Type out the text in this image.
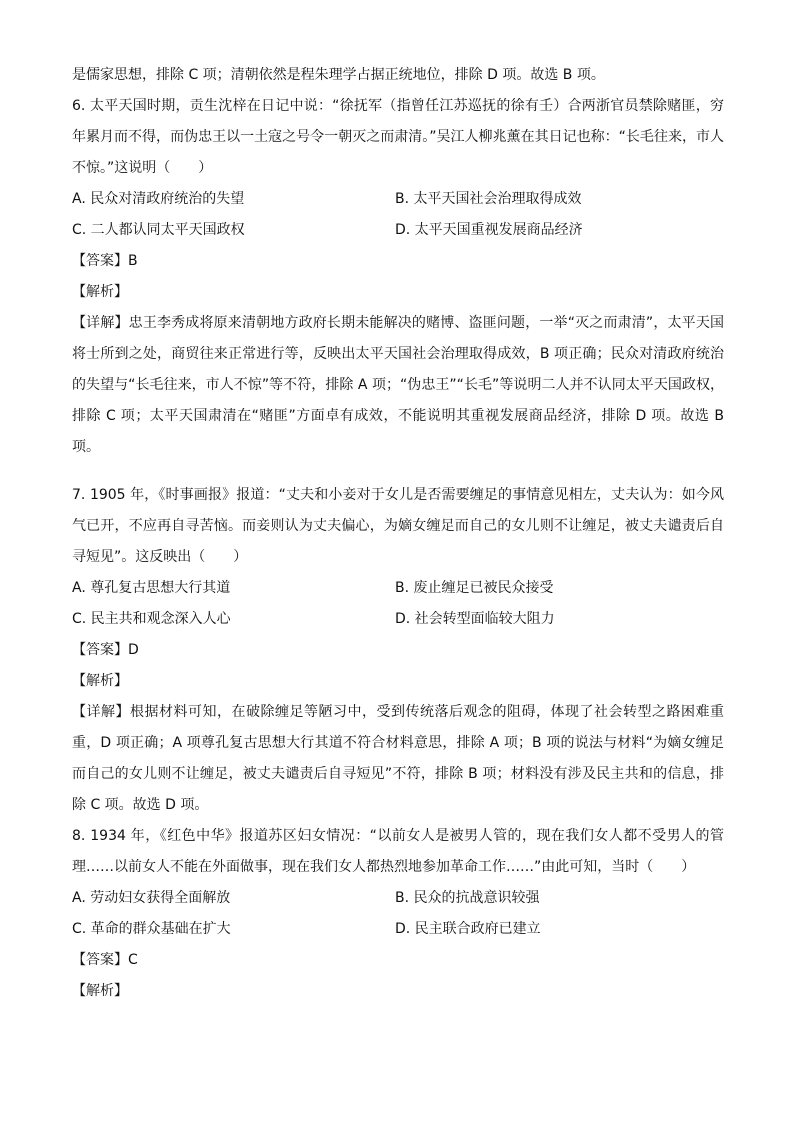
是儒家思想，排除 C 项；清朝依然是程朱理学占据正统地位，排除 D 项。故选 B 项。

6. 太平天国时期，贡生沈梓在日记中说：“徐抚军（指曾任江苏巡抚的徐有壬）合两浙官员禁除赌匪，穷年累月而不得，而伪忠王以一土寇之号令一朝灭之而肃清。”吴江人柳兆薰在其日记也称：“长毛往来，市人不惊。”这说明（　　）

A. 民众对清政府统治的失望	B. 太平天国社会治理取得成效
C. 二人都认同太平天国政权	D. 太平天国重视发展商品经济

【答案】B

【解析】

【详解】忠王李秀成将原来清朝地方政府长期未能解决的赌博、盗匪问题，一举“灭之而肃清”，太平天国将士所到之处，商贸往来正常进行等，反映出太平天国社会治理取得成效，B 项正确；民众对清政府统治的失望与“长毛往来，市人不惊”等不符，排除 A 项；“伪忠王”“长毛”等说明二人并不认同太平天国政权，排除 C 项；太平天国肃清在“赌匪”方面卓有成效，不能说明其重视发展商品经济，排除 D 项。故选 B 项。

7. 1905 年，《时事画报》报道：“丈夫和小妾对于女儿是否需要缠足的事情意见相左，丈夫认为：如今风气已开，不应再自寻苦恼。而妾则认为丈夫偏心，为嫡女缠足而自己的女儿则不让缠足，被丈夫谴责后自寻短见”。这反映出（　　）

A. 尊孔复古思想大行其道	B. 废止缠足已被民众接受
C. 民主共和观念深入人心	D. 社会转型面临较大阻力

【答案】D

【解析】

【详解】根据材料可知，在破除缠足等陋习中，受到传统落后观念的阻碍，体现了社会转型之路困难重重，D 项正确；A 项尊孔复古思想大行其道不符合材料意思，排除 A 项；B 项的说法与材料“为嫡女缠足而自己的女儿则不让缠足，被丈夫谴责后自寻短见”不符，排除 B 项；材料没有涉及民主共和的信息，排除 C 项。故选 D 项。

8. 1934 年，《红色中华》报道苏区妇女情况：“以前女人是被男人管的，现在我们女人都不受男人的管理……以前女人不能在外面做事，现在我们女人都热烈地参加革命工作……”由此可知，当时（　　）

A. 劳动妇女获得全面解放	B. 民众的抗战意识较强
C. 革命的群众基础在扩大	D. 民主联合政府已建立

【答案】C

【解析】
